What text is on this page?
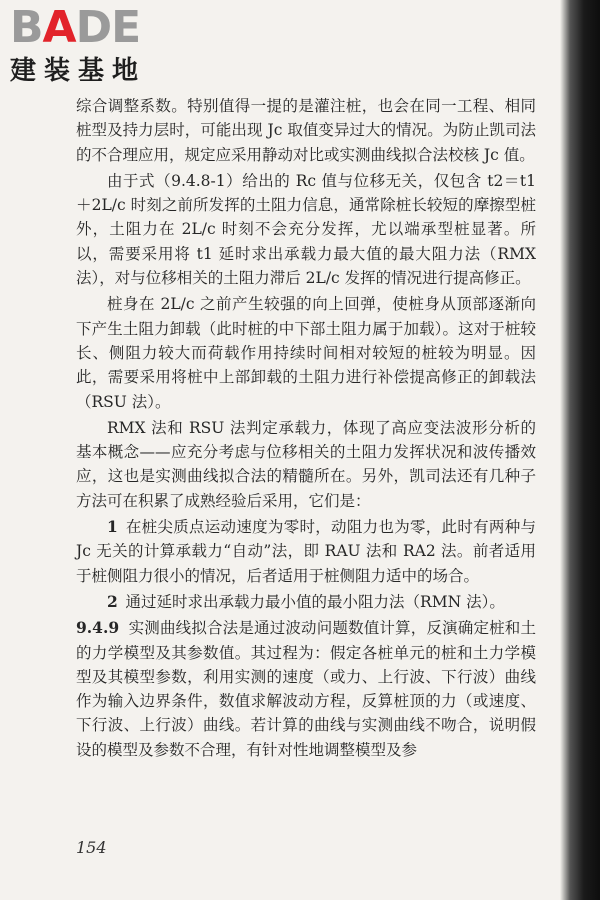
B A DE
建装基地

综合调整系数。特别值得一提的是灌注桩，也会在同一工程、相同桩型及持力层时，可能出现 Jc 取值变异过大的情况。为防止凯司法的不合理应用，规定应采用静动对比或实测曲线拟合法校核 Jc 值。

由于式（9.4.8-1）给出的 Rc 值与位移无关，仅包含 t2＝t1＋2L/c 时刻之前所发挥的土阻力信息，通常除桩长较短的摩擦型桩外，土阻力在 2L/c 时刻不会充分发挥，尤以端承型桩显著。所以，需要采用将 t1 延时求出承载力最大值的最大阻力法（RMX 法），对与位移相关的土阻力滞后 2L/c 发挥的情况进行提高修正。

桩身在 2L/c 之前产生较强的向上回弹，使桩身从顶部逐渐向下产生土阻力卸载（此时桩的中下部土阻力属于加载）。这对于桩较长、侧阻力较大而荷载作用持续时间相对较短的桩较为明显。因此，需要采用将桩中上部卸载的土阻力进行补偿提高修正的卸载法（RSU 法）。

RMX 法和 RSU 法判定承载力，体现了高应变法波形分析的基本概念——应充分考虑与位移相关的土阻力发挥状况和波传播效应，这也是实测曲线拟合法的精髓所在。另外，凯司法还有几种子方法可在积累了成熟经验后采用，它们是：

1 在桩尖质点运动速度为零时，动阻力也为零，此时有两种与 Jc 无关的计算承载力“自动”法，即 RAU 法和 RA2 法。前者适用于桩侧阻力很小的情况，后者适用于桩侧阻力适中的场合。

2 通过延时求出承载力最小值的最小阻力法（RMN 法）。

9.4.9 实测曲线拟合法是通过波动问题数值计算，反演确定桩和土的力学模型及其参数值。其过程为：假定各桩单元的桩和土力学模型及其模型参数，利用实测的速度（或力、上行波、下行波）曲线作为输入边界条件，数值求解波动方程，反算桩顶的力（或速度、下行波、上行波）曲线。若计算的曲线与实测曲线不吻合，说明假设的模型及参数不合理，有针对性地调整模型及参

154
